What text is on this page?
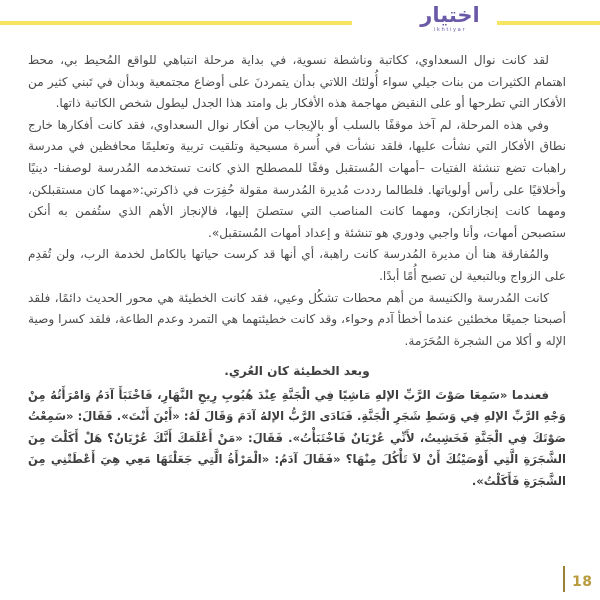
اختيار
ikhtiyar

لقد كانت نوال السعداوي، ككاتبة وناشطة نسوية، في بداية مرحلة انتباهي للواقع المُحيط بي، محط اهتمام الكثيرات من بنات جيلي سواء أُولئك اللاتي بدأن يتمردنَ على أوضاع مجتمعية وبدأن في تَبني كثير من الأفكار التي تطرحها أو على النقيض مهاجمة هذه الأفكار بل وامتد هذا الجدل ليطول شخص الكاتبة ذاتها.

وفي هذه المرحلة، لم آخذ موقفًا بالسلب أو بالإيجاب من أفكار نوال السعداوي، فقد كانت أفكارها خارج نطاق الأفكار التي نشأت عليها، فلقد نشأت في أُسرة مسيحية وتلقيت تربية وتعليمًا محافظين في مدرسة راهبات تضع تنشئة الفتيات –أمهات المُستقبل وفقًا للمصطلح الذي كانت تستخدمه المُدرسة لوصفنا- دينيًا وأخلاقيًا على رأس أولوياتها. فلطالما رددت مُديرة المُدرسة مقولة حُفِرَت في ذاكرتي:«مهما كان مستقبلكن، ومهما كانت إنجازاتكن، ومهما كانت المناصب التي ستصلنَ إليها، فالإنجاز الأهم الذي ستُفمن به أنكن ستصبحن أمهات، وأنا واجبي ودوري هو تنشئة و إعداد أمهات المُستقبل».

والمُفارقة هنا أن مديرة المُدرسة كانت راهبة، أي أنها قد كرست حياتها بالكامل لخدمة الرب، ولن تُقدِم على الزواج وبالتبعية لن تصبح أُمًا أبدًا.

كانت المُدرسة والكنيسة من أهم محطات تشكُل وعيي، فقد كانت الخطيئة هي محور الحديث دائمًا، فلقد أصبحنا جميعًا مخطئين عندما أخطأ آدم وحواء، وقد كانت خطيئتهما هي التمرد وعدم الطاعة، فلقد كسرا وصية الإله و أكلا من الشجرة المُحَرَمة.

وبعد الخطيئة كان العُري.

فعندما «سَمِعَا صَوْتَ الرَّبِّ الإلهِ مَاشِيًا فِي الْجَنَّةِ عِنْدَ هُبُوبِ رِيحِ النَّهَارِ، فَاخْتَبَأَ آدَمُ وَامْرَأَتُهُ مِنْ وَجْهِ الرَّبِّ الإلهِ فِي وَسَطِ شَجَرِ الْجَنَّةِ. فَنَادَى الرَّبُّ الإلهُ آدَمَ وَقَالَ لَهُ: «أَيْنَ أَنْتَ». فَقَالَ: «سَمِعْتُ صَوْتَكَ فِي الْجَنَّةِ فَخَشِيتُ، لأَنِّي عُرْيَانٌ فَاخْتَبَأْتُ». فَقَالَ: «مَنْ أَعْلَمَكَ أَنَّكَ عُرْيَانٌ؟ هَلْ أَكَلْتَ مِنَ الشَّجَرَةِ الَّتِي أَوْصَيْتُكَ أَنْ لاَ تَأْكُلَ مِنْهَا؟ «فَقَالَ آدَمُ: «الْمَرْأَةُ الَّتِي جَعَلْتَهَا مَعِي هِيَ أَعْطَتْنِي مِنَ الشَّجَرَةِ فَأَكَلْتُ».

18
